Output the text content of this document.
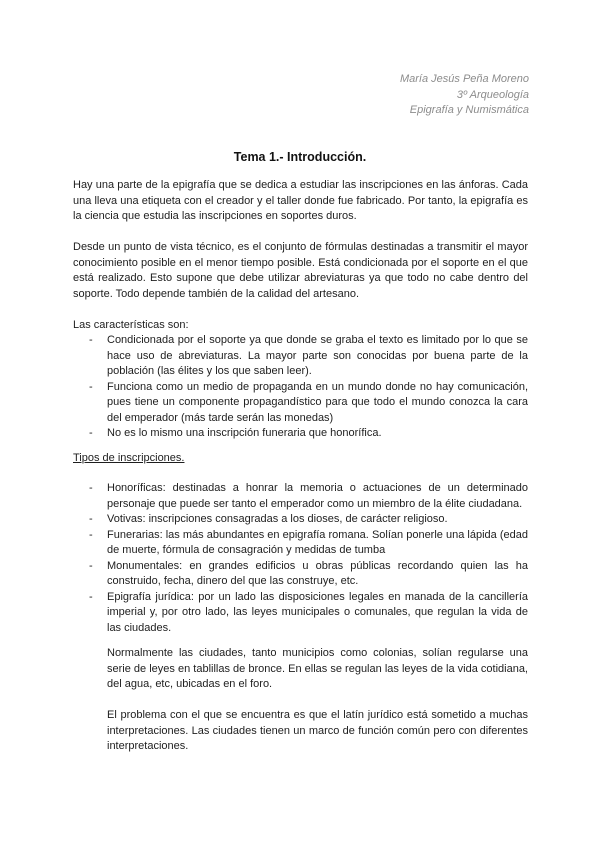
María Jesús Peña Moreno
3º Arqueología
Epigrafía y Numismática
Tema 1.- Introducción.
Hay una parte de la epigrafía que se dedica a estudiar las inscripciones en las ánforas. Cada una lleva una etiqueta con el creador y el taller donde fue fabricado. Por tanto, la epigrafía es la ciencia que estudia las inscripciones en soportes duros.
Desde un punto de vista técnico, es el conjunto de fórmulas destinadas a transmitir el mayor conocimiento posible en el menor tiempo posible. Está condicionada por el soporte en el que está realizado. Esto supone que debe utilizar abreviaturas ya que todo no cabe dentro del soporte. Todo depende también de la calidad del artesano.
Las características son:
- Condicionada por el soporte ya que donde se graba el texto es limitado por lo que se hace uso de abreviaturas. La mayor parte son conocidas por buena parte de la población (las élites y los que saben leer).
- Funciona como un medio de propaganda en un mundo donde no hay comunicación, pues tiene un componente propagandístico para que todo el mundo conozca la cara del emperador (más tarde serán las monedas)
- No es lo mismo una inscripción funeraria que honorífica.
Tipos de inscripciones.
- Honoríficas: destinadas a honrar la memoria o actuaciones de un determinado personaje que puede ser tanto el emperador como un miembro de la élite ciudadana.
- Votivas: inscripciones consagradas a los dioses, de carácter religioso.
- Funerarias: las más abundantes en epigrafía romana. Solían ponerle una lápida (edad de muerte, fórmula de consagración y medidas de tumba
- Monumentales: en grandes edificios u obras públicas recordando quien las ha construido, fecha, dinero del que las construye, etc.
- Epigrafía jurídica: por un lado las disposiciones legales en manada de la cancillería imperial y, por otro lado, las leyes municipales o comunales, que regulan la vida de las ciudades.
Normalmente las ciudades, tanto municipios como colonias, solían regularse una serie de leyes en tablillas de bronce. En ellas se regulan las leyes de la vida cotidiana, del agua, etc, ubicadas en el foro.
El problema con el que se encuentra es que el latín jurídico está sometido a muchas interpretaciones. Las ciudades tienen un marco de función común pero con diferentes interpretaciones.
